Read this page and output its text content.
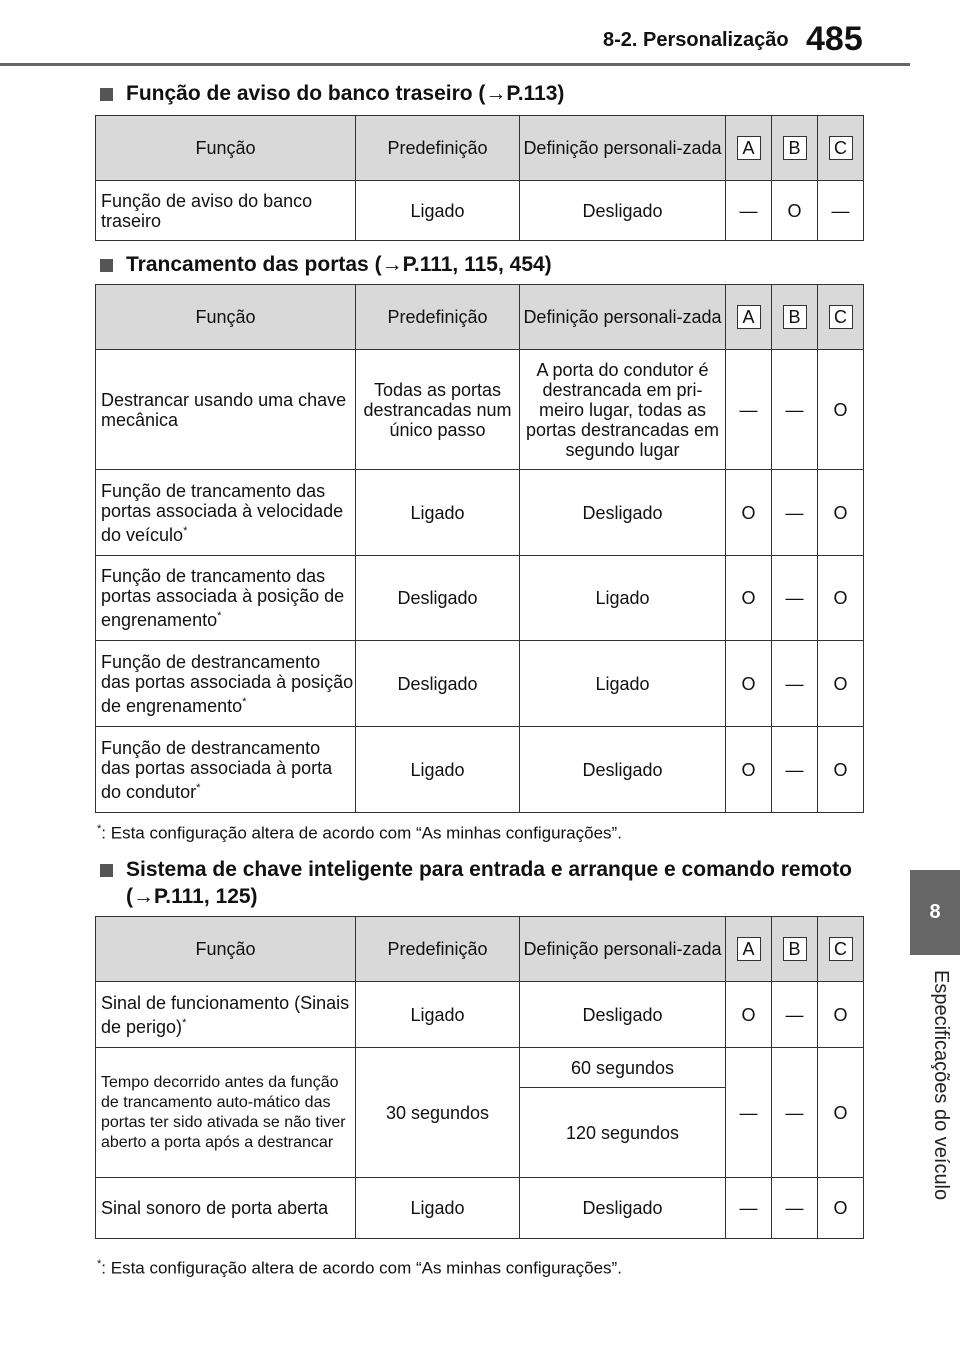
8-2. Personalização 485
8
Especificações do veículo
Função de aviso do banco traseiro (→P.113)
Função	Predefinição	Definição personali-zada	A	B	C
Função de aviso do banco traseiro	Ligado	Desligado	—	O	—
Trancamento das portas (→P.111, 115, 454)
Função	Predefinição	Definição personali-zada	A	B	C
Destrancar usando uma chave mecânica	Todas as portas destrancadas num único passo	A porta do condutor é destrancada em pri-meiro lugar, todas as portas destrancadas em segundo lugar	—	—	O
Função de trancamento das portas associada à velocidade do veículo*	Ligado	Desligado	O	—	O
Função de trancamento das portas associada à posição de engrenamento*	Desligado	Ligado	O	—	O
Função de destrancamento das portas associada à posição de engrenamento*	Desligado	Ligado	O	—	O
Função de destrancamento das portas associada à porta do condutor*	Ligado	Desligado	O	—	O
*: Esta configuração altera de acordo com “As minhas configurações”.
Sistema de chave inteligente para entrada e arranque e comando remoto (→P.111, 125)
Função	Predefinição	Definição personali-zada	A	B	C
Sinal de funcionamento (Sinais de perigo)*	Ligado	Desligado	O	—	O
Tempo decorrido antes da função de trancamento auto-mático das portas ter sido ativada se não tiver aberto a porta após a destrancar	30 segundos	60 segundos	—	—	O
		120 segundos			
Sinal sonoro de porta aberta	Ligado	Desligado	—	—	O
*: Esta configuração altera de acordo com “As minhas configurações”.
